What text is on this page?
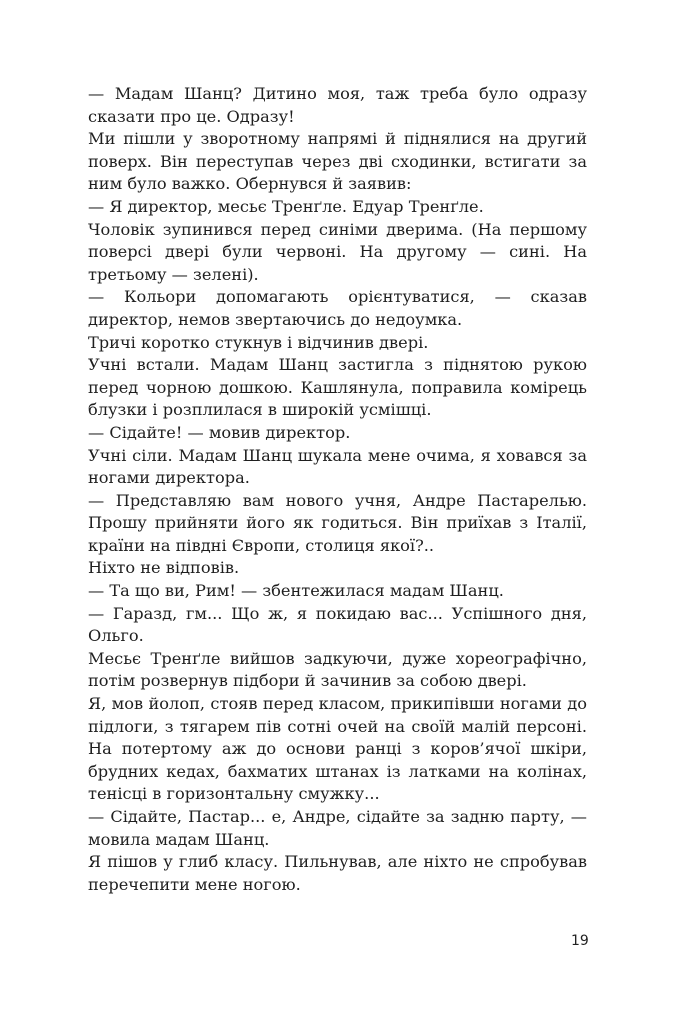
— Мадам Шанц? Дитино моя, таж треба було одразу сказати про це. Одразу!

Ми пішли у зворотному напрямі й піднялися на другий поверх. Він переступав через дві сходинки, встигати за ним було важко. Обернувся й заявив:

— Я директор, месьє Тренґле. Едуар Тренґле.

Чоловік зупинився перед синіми дверима. (На першому поверсі двері були червоні. На другому — сині. На третьому — зелені).

— Кольори допомагають орієнтуватися, — сказав директор, немов звертаючись до недоумка.

Тричі коротко стукнув і відчинив двері.

Учні встали. Мадам Шанц застигла з піднятою рукою перед чорною дошкою. Кашлянула, поправила комірець блузки і розплилася в широкій усмішці.

— Сідайте! — мовив директор.

Учні сіли. Мадам Шанц шукала мене очима, я ховався за ногами директора.

— Представляю вам нового учня, Андре Пастарелью. Прошу прийняти його як годиться. Він приїхав з Італії, країни на півдні Європи, столиця якої?..

Ніхто не відповів.

— Та що ви, Рим! — збентежилася мадам Шанц.

— Гаразд, гм... Що ж, я покидаю вас... Успішного дня, Ольго.

Месьє Тренґле вийшов задкуючи, дуже хореографічно, потім розвернув підбори й зачинив за собою двері.

Я, мов йолоп, стояв перед класом, прикипівши ногами до підлоги, з тягарем пів сотні очей на своїй малій персоні. На потертому аж до основи ранці з коров’ячої шкіри, брудних кедах, бахматих штанах із латками на колінах, тенісці в горизонтальну смужку...

— Сідайте, Пастар... е, Андре, сідайте за задню парту, — мовила мадам Шанц.

Я пішов у глиб класу. Пильнував, але ніхто не спробував перечепити мене ногою.

19
